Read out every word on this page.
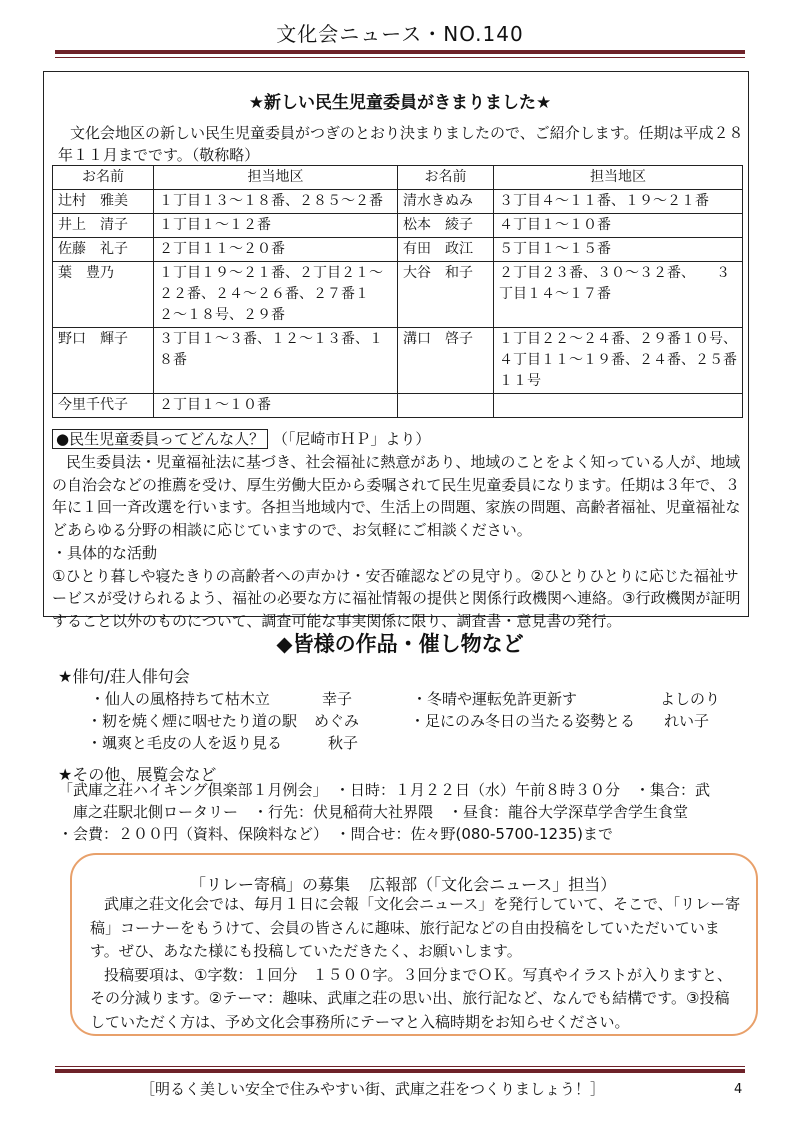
文化会ニュース・NO.140
★新しい民生児童委員がきまりました★
文化会地区の新しい民生児童委員がつぎのとおり決まりましたので、ご紹介します。任期は平成２８年１１月までです。（敬称略）
お名前	担当地区	お名前	担当地区
辻村　雅美	１丁目１３〜１８番、２８５〜２番	清水きぬみ	３丁目４〜１１番、１９〜２１番
井上　清子	１丁目１〜１２番	松本　綾子	４丁目１〜１０番
佐藤　礼子	２丁目１１〜２０番	有田　政江	５丁目１〜１５番
葉　豊乃	１丁目１９〜２１番、２丁目２１〜２２番、２４〜２６番、２７番１２〜１８号、２９番	大谷　和子	２丁目２３番、３０〜３２番、　　３丁目１４〜１７番
野口　輝子	３丁目１〜３番、１２〜１３番、１８番	溝口　啓子	１丁目２２〜２４番、２９番１０号、４丁目１１〜１９番、２４番、２５番１１号
今里千代子	２丁目１〜１０番		
●民生児童委員ってどんな人？ （「尼崎市ＨＰ」より）

民生委員法・児童福祉法に基づき、社会福祉に熱意があり、地域のことをよく知っている人が、地域の自治会などの推薦を受け、厚生労働大臣から委嘱されて民生児童委員になります。任期は３年で、３年に１回一斉改選を行います。各担当地域内で、生活上の問題、家族の問題、高齢者福祉、児童福祉などあらゆる分野の相談に応じていますので、お気軽にご相談ください。

・具体的な活動

①ひとり暮しや寝たきりの高齢者への声かけ・安否確認などの見守り。②ひとりひとりに応じた福祉サービスが受けられるよう、福祉の必要な方に福祉情報の提供と関係行政機関へ連絡。③行政機関が証明すること以外のものについて、調査可能な事実関係に限り、調査書・意見書の発行。

◆皆様の作品・催し物など
★俳句/荘人俳句会
・仙人の風格持ちて枯木立	幸子	・冬晴や運転免許更新す	よしのり
・籾を焼く煙に咽せたり道の駅 めぐみ	・足にのみ冬日の当たる姿勢とる れい子
・颯爽と毛皮の人を返り見る	秋子
★その他、展覧会など

「武庫之荘ハイキング倶楽部１月例会」　・日時：１月２２日（水）午前８時３０分　・集合：武

　庫之荘駅北側ロータリー　・行先：伏見稲荷大社界隈　・昼食：龍谷大学深草学舎学生食堂

・会費：２００円（資料、保険料など）　・問合せ：佐々野(080-5700-1235)まで

「リレー寄稿」の募集 広報部（「文化会ニュース」担当）

武庫之荘文化会では、毎月１日に会報「文化会ニュース」を発行していて、そこで、「リレー寄稿」コーナーをもうけて、会員の皆さんに趣味、旅行記などの自由投稿をしていただいています。ぜひ、あなた様にも投稿していただきたく、お願いします。

投稿要項は、①字数：１回分　１５００字。３回分までＯＫ。写真やイラストが入りますと、その分減ります。②テーマ：趣味、武庫之荘の思い出、旅行記など、なんでも結構です。③投稿していただく方は、予め文化会事務所にテーマと入稿時期をお知らせください。

［明るく美しい安全で住みやすい街、武庫之荘をつくりましょう！］	4
